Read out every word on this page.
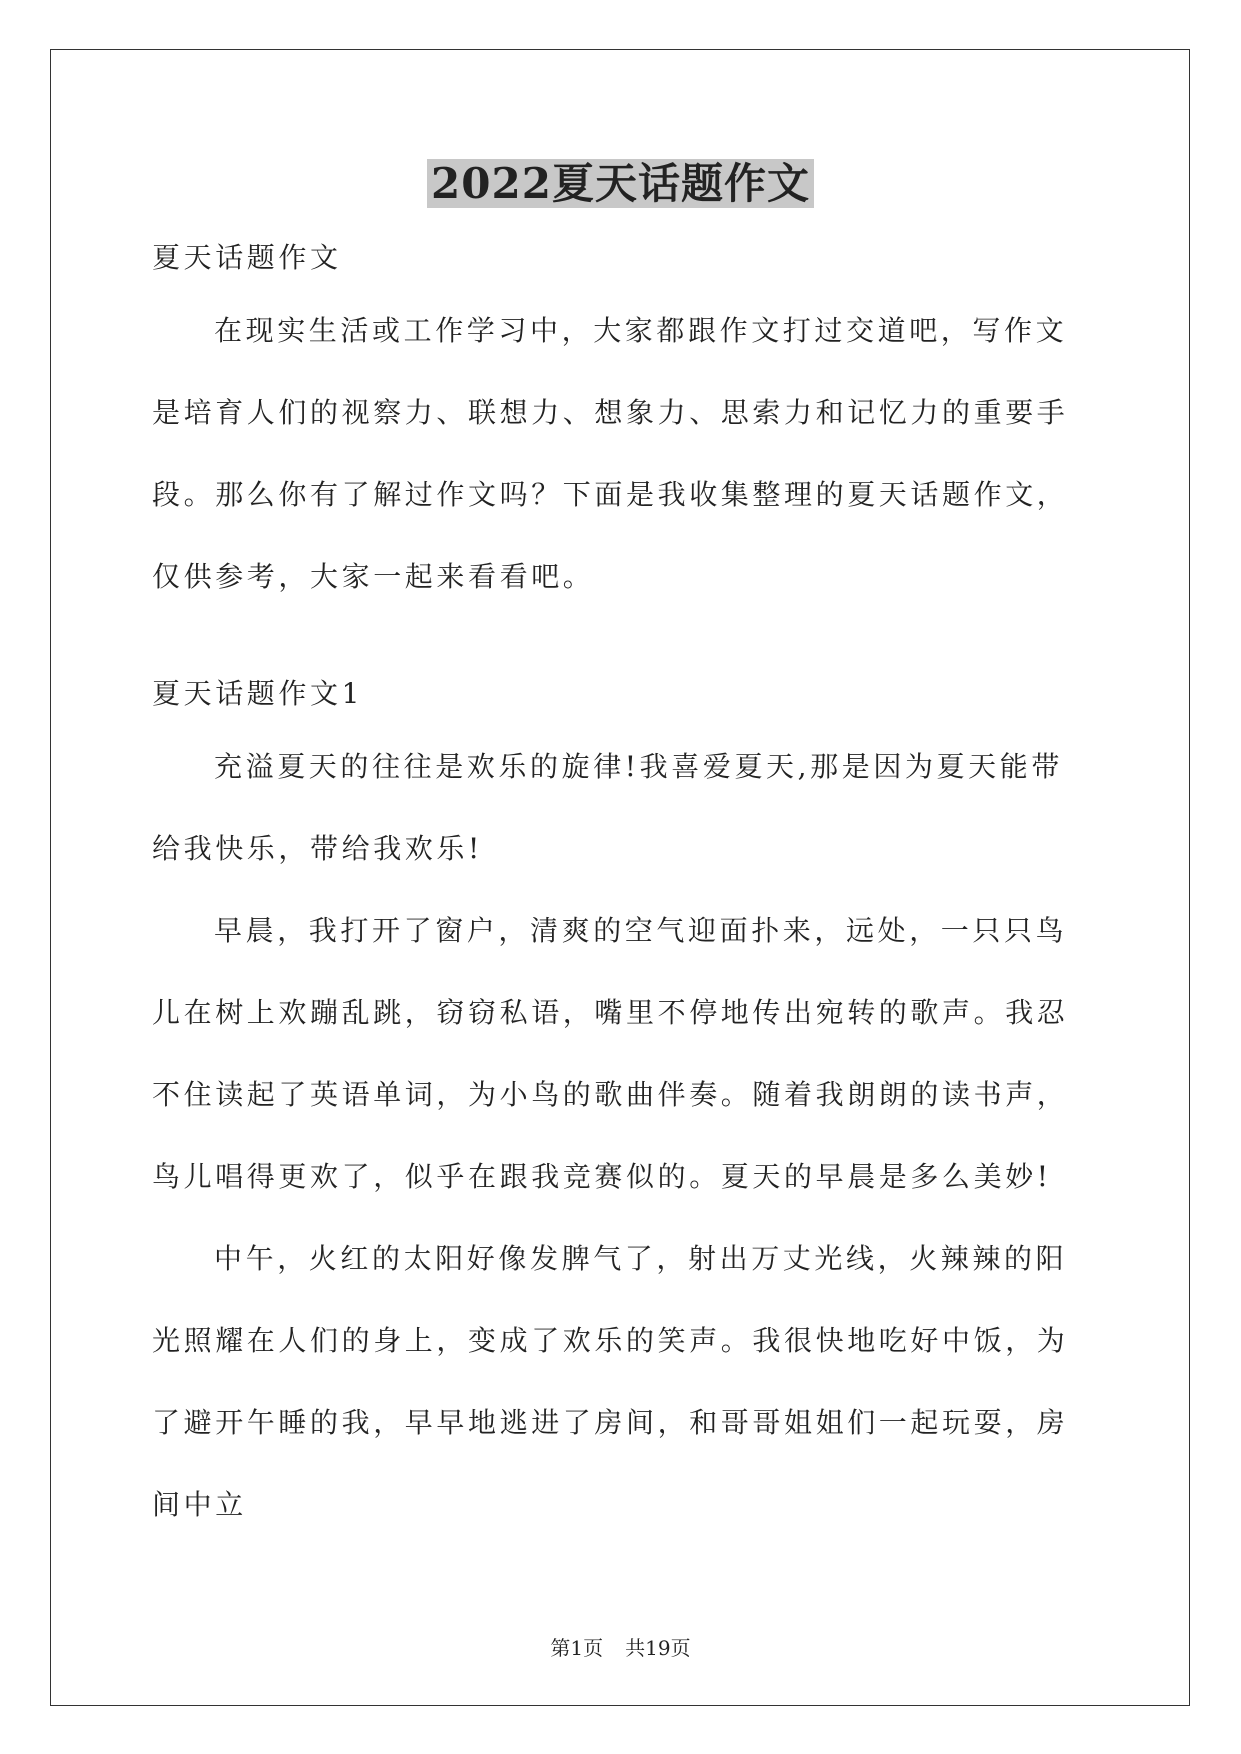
2022夏天话题作文
夏天话题作文
在现实生活或工作学习中，大家都跟作文打过交道吧，写作文是培育人们的视察力、联想力、想象力、思索力和记忆力的重要手段。那么你有了解过作文吗？下面是我收集整理的夏天话题作文，仅供参考，大家一起来看看吧。
夏天话题作文1
充溢夏天的往往是欢乐的旋律!我喜爱夏天,那是因为夏天能带给我快乐，带给我欢乐!
早晨，我打开了窗户，清爽的空气迎面扑来，远处，一只只鸟儿在树上欢蹦乱跳，窃窃私语，嘴里不停地传出宛转的歌声。我忍不住读起了英语单词，为小鸟的歌曲伴奏。随着我朗朗的读书声，鸟儿唱得更欢了，似乎在跟我竞赛似的。夏天的早晨是多么美妙!
中午，火红的太阳好像发脾气了，射出万丈光线，火辣辣的阳光照耀在人们的身上，变成了欢乐的笑声。我很快地吃好中饭，为了避开午睡的我，早早地逃进了房间，和哥哥姐姐们一起玩耍，房间中立
第1页 共19页
